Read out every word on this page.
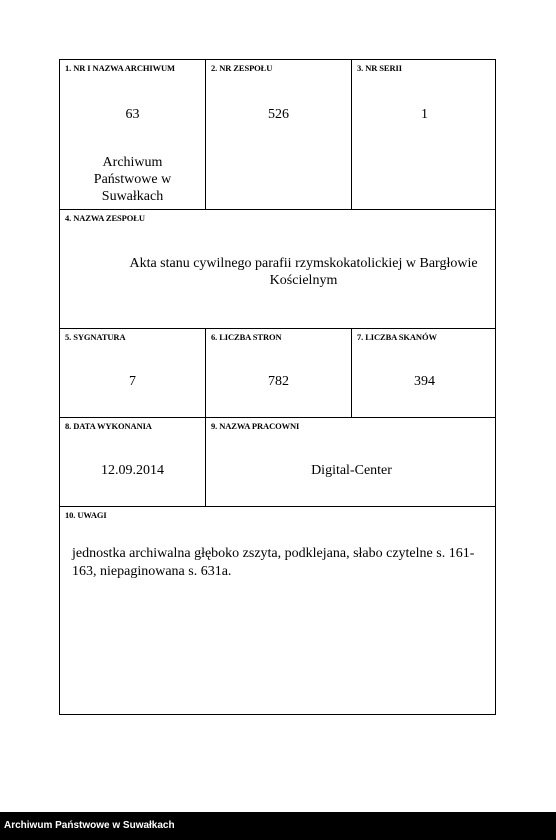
1. NR I NAZWA ARCHIWUM
63
Archiwum
Państwowe w
Suwałkach
2. NR ZESPOŁU
526
3. NR SERII
1
4. NAZWA ZESPOŁU
Akta stanu cywilnego parafii rzymskokatolickiej w Bargłowie
Kościelnym
5. SYGNATURA
7
6. LICZBA STRON
782
7. LICZBA SKANÓW
394
8. DATA WYKONANIA
12.09.2014
9. NAZWA PRACOWNI
Digital-Center
10. UWAGI
jednostka archiwalna głęboko zszyta, podklejana, słabo czytelne s. 161-
163, niepaginowana s. 631a.
Archiwum Państwowe w Suwałkach
